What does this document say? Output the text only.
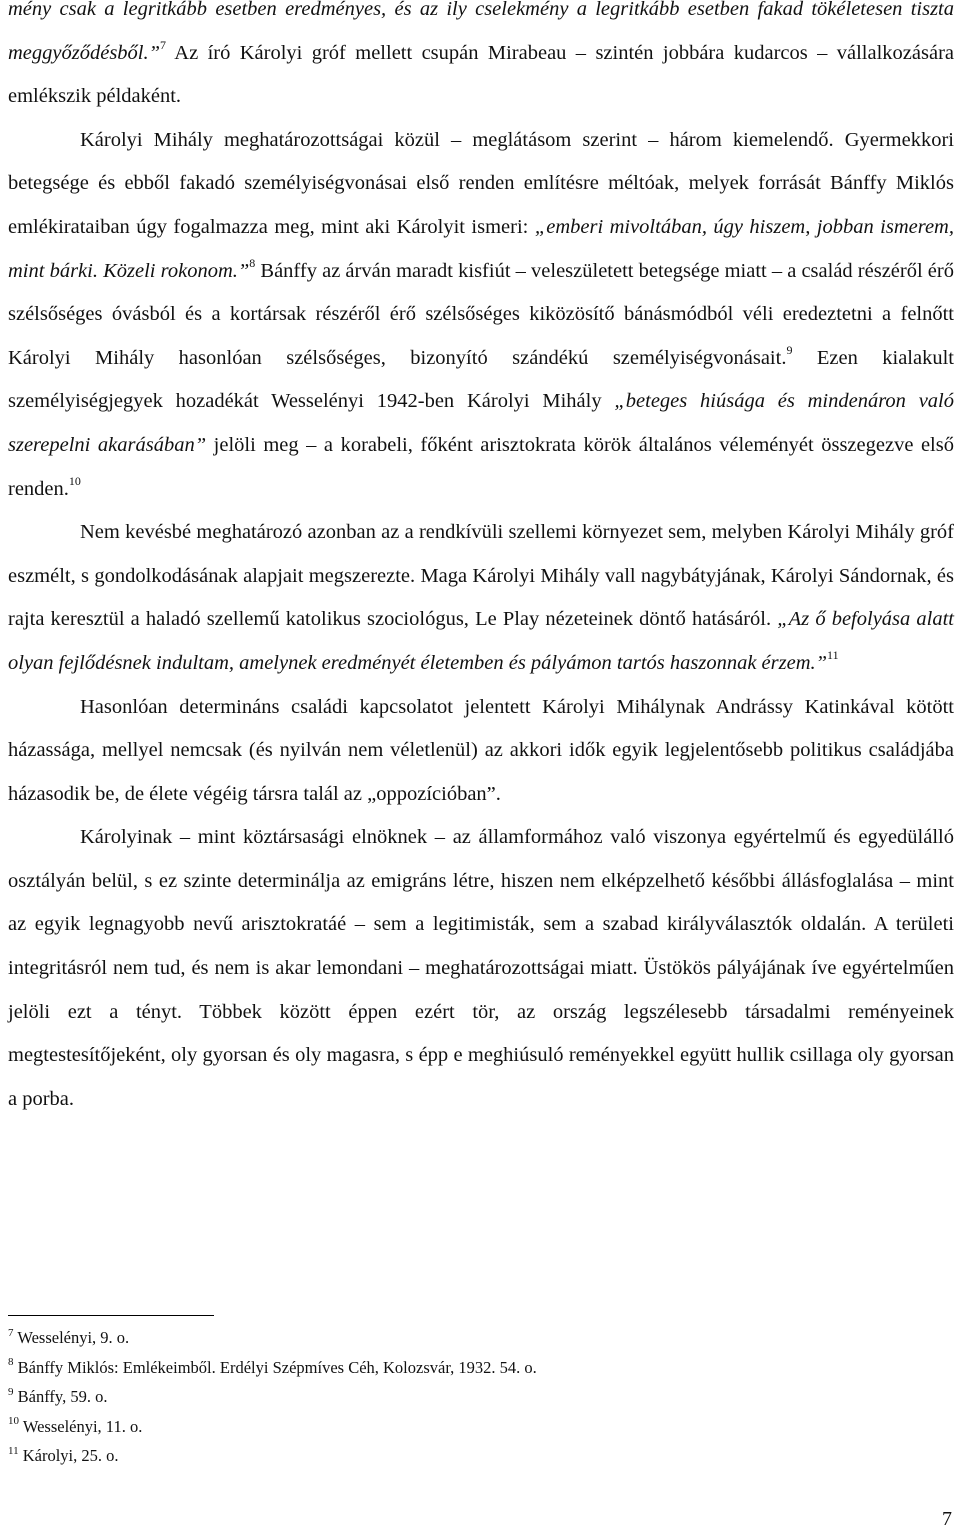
mény csak a legritkább esetben eredményes, és az ily cselekmény a legritkább esetben fakad tökéletesen tiszta meggyőződésből.”$^7$ Az író Károlyi gróf mellett csupán Mirabeau – szintén jobbára kudarcos – vállalkozására emlékszik példaként.

Károlyi Mihály meghatározottságai közül – meglátásom szerint – három kiemelendő. Gyermekkori betegsége és ebből fakadó személyiségvonásai első renden említésre méltóak, melyek forrását Bánffy Miklós emlékirataiban úgy fogalmazza meg, mint aki Károlyit ismeri: „emberi mivoltában, úgy hiszem, jobban ismerem, mint bárki. Közeli rokonom.”$^8$ Bánffy az árván maradt kisfiút – veleszületett betegsége miatt – a család részéről érő szélsőséges óvásból és a kortársak részéről érő szélsőséges kiközösítő bánásmódból véli eredeztetni a felnőtt Károlyi Mihály hasonlóan szélsőséges, bizonyító szándékú személyiségvonásait.$^9$ Ezen kialakult személyiségjegyek hozadékát Wesselényi 1942-ben Károlyi Mihály „beteges hiúsága és mindenáron való szerepelni akarásában” jelöli meg – a korabeli, főként arisztokrata körök általános véleményét összegezve első renden.$^{10}$

Nem kevésbé meghatározó azonban az a rendkívüli szellemi környezet sem, melyben Károlyi Mihály gróf eszmélt, s gondolkodásának alapjait megszerezte. Maga Károlyi Mihály vall nagybátyjának, Károlyi Sándornak, és rajta keresztül a haladó szellemű katolikus szociológus, Le Play nézeteinek döntő hatásáról. „Az ő befolyása alatt olyan fejlődésnek indultam, amelynek eredményét életemben és pályámon tartós haszonnak érzem.”$^{11}$

Hasonlóan determináns családi kapcsolatot jelentett Károlyi Mihálynak Andrássy Katinkával kötött házassága, mellyel nemcsak (és nyilván nem véletlenül) az akkori idők egyik legjelentősebb politikus családjába házasodik be, de élete végéig társra talál az „oppozícióban”.

Károlyinak – mint köztársasági elnöknek – az államformához való viszonya egyértelmű és egyedülálló osztályán belül, s ez szinte determinálja az emigráns létre, hiszen nem elképzelhető későbbi állásfoglalása – mint az egyik legnagyobb nevű arisztokratáé – sem a legitimisták, sem a szabad királyválasztók oldalán. A területi integritásról nem tud, és nem is akar lemondani – meghatározottságai miatt. Üstökös pályájának íve egyértelműen jelöli ezt a tényt. Többek között éppen ezért tör, az ország legszélesebb társadalmi reményeinek megtestesítőjeként, oly gyorsan és oly magasra, s épp e meghiúsuló reményekkel együtt hullik csillaga oly gyorsan a porba.

$^7$ Wesselényi, 9. o.

$^8$ Bánffy Miklós: Emlékeimből. Erdélyi Szépmíves Céh, Kolozsvár, 1932. 54. o.

$^9$ Bánffy, 59. o.

$^{10}$ Wesselényi, 11. o.

$^{11}$ Károlyi, 25. o.

7
